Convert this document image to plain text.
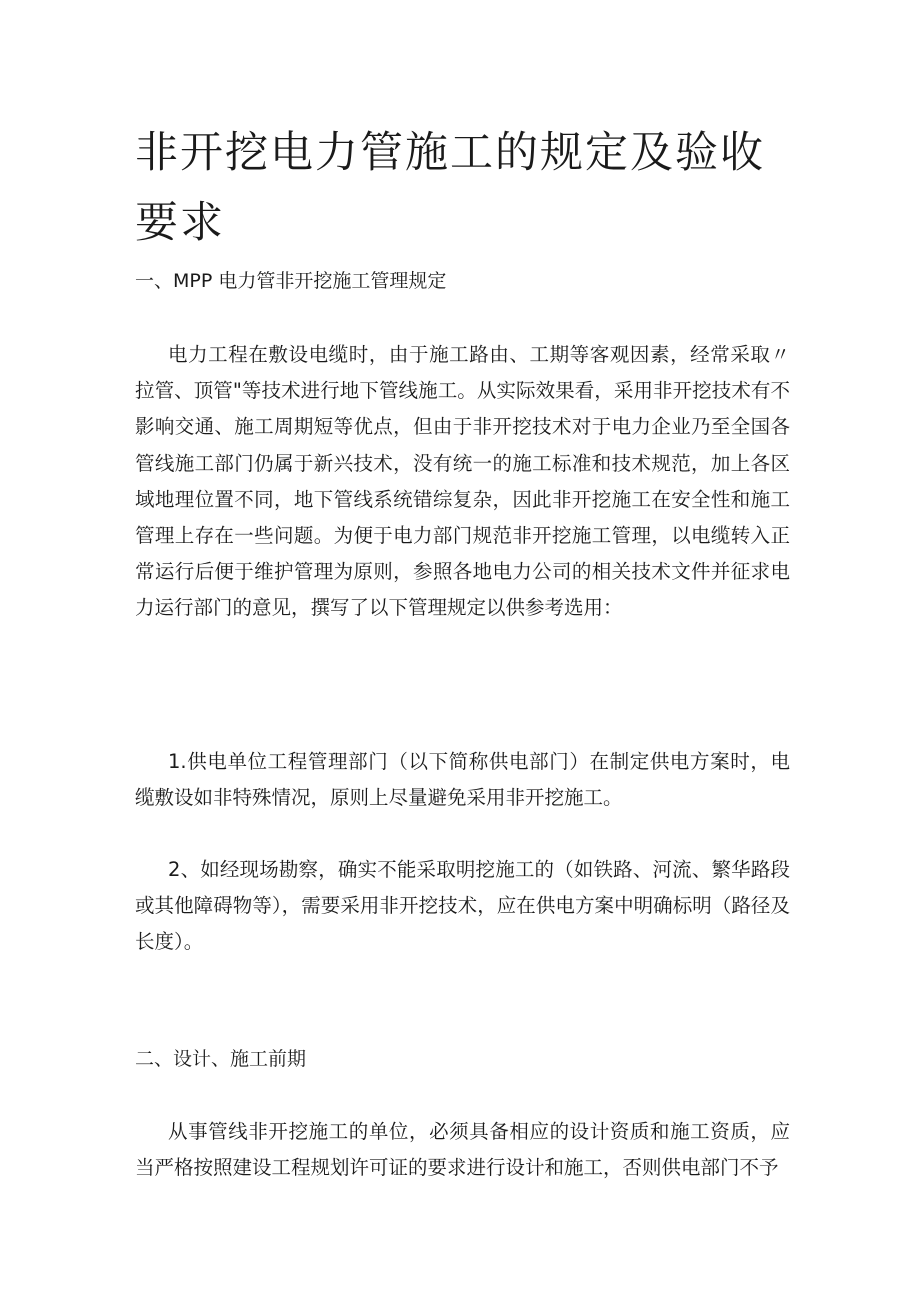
非开挖电力管施工的规定及验收要求
一、MPP 电力管非开挖施工管理规定

电力工程在敷设电缆时，由于施工路由、工期等客观因素，经常采取〃拉管、顶管"等技术进行地下管线施工。从实际效果看，采用非开挖技术有不影响交通、施工周期短等优点，但由于非开挖技术对于电力企业乃至全国各管线施工部门仍属于新兴技术，没有统一的施工标准和技术规范，加上各区域地理位置不同，地下管线系统错综复杂，因此非开挖施工在安全性和施工管理上存在一些问题。为便于电力部门规范非开挖施工管理，以电缆转入正常运行后便于维护管理为原则，参照各地电力公司的相关技术文件并征求电力运行部门的意见，撰写了以下管理规定以供参考选用：

1.供电单位工程管理部门（以下简称供电部门）在制定供电方案时，电缆敷设如非特殊情况，原则上尽量避免采用非开挖施工。

2、如经现场勘察，确实不能采取明挖施工的（如铁路、河流、繁华路段或其他障碍物等），需要采用非开挖技术，应在供电方案中明确标明（路径及长度）。

二、设计、施工前期

从事管线非开挖施工的单位，必须具备相应的设计资质和施工资质，应当严格按照建设工程规划许可证的要求进行设计和施工，否则供电部门不予
